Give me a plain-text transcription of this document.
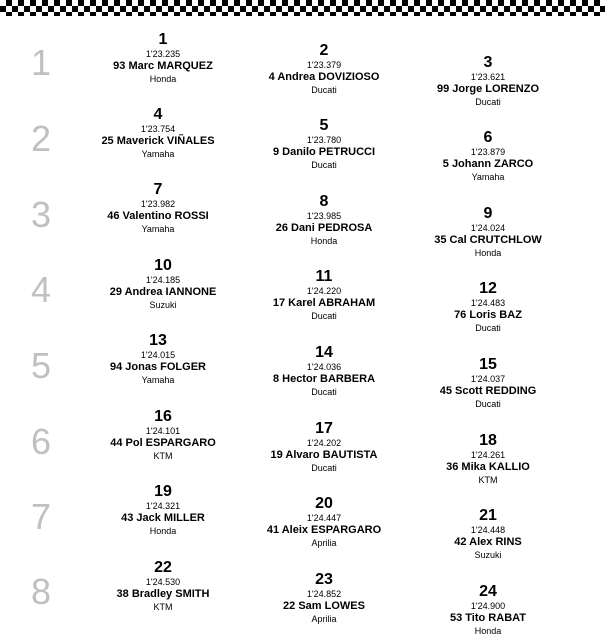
1
2
3
4
5
6
7
8
1
1'23.235
93 Marc MARQUEZ
Honda
2
1'23.379
4 Andrea DOVIZIOSO
Ducati
3
1'23.621
99 Jorge LORENZO
Ducati
4
1'23.754
25 Maverick VIÑALES
Yamaha
5
1'23.780
9 Danilo PETRUCCI
Ducati
6
1'23.879
5 Johann ZARCO
Yamaha
7
1'23.982
46 Valentino ROSSI
Yamaha
8
1'23.985
26 Dani PEDROSA
Honda
9
1'24.024
35 Cal CRUTCHLOW
Honda
10
1'24.185
29 Andrea IANNONE
Suzuki
11
1'24.220
17 Karel ABRAHAM
Ducati
12
1'24.483
76 Loris BAZ
Ducati
13
1'24.015
94 Jonas FOLGER
Yamaha
14
1'24.036
8 Hector BARBERA
Ducati
15
1'24.037
45 Scott REDDING
Ducati
16
1'24.101
44 Pol ESPARGARO
KTM
17
1'24.202
19 Alvaro BAUTISTA
Ducati
18
1'24.261
36 Mika KALLIO
KTM
19
1'24.321
43 Jack MILLER
Honda
20
1'24.447
41 Aleix ESPARGARO
Aprilia
21
1'24.448
42 Alex RINS
Suzuki
22
1'24.530
38 Bradley SMITH
KTM
23
1'24.852
22 Sam LOWES
Aprilia
24
1'24.900
53 Tito RABAT
Honda
